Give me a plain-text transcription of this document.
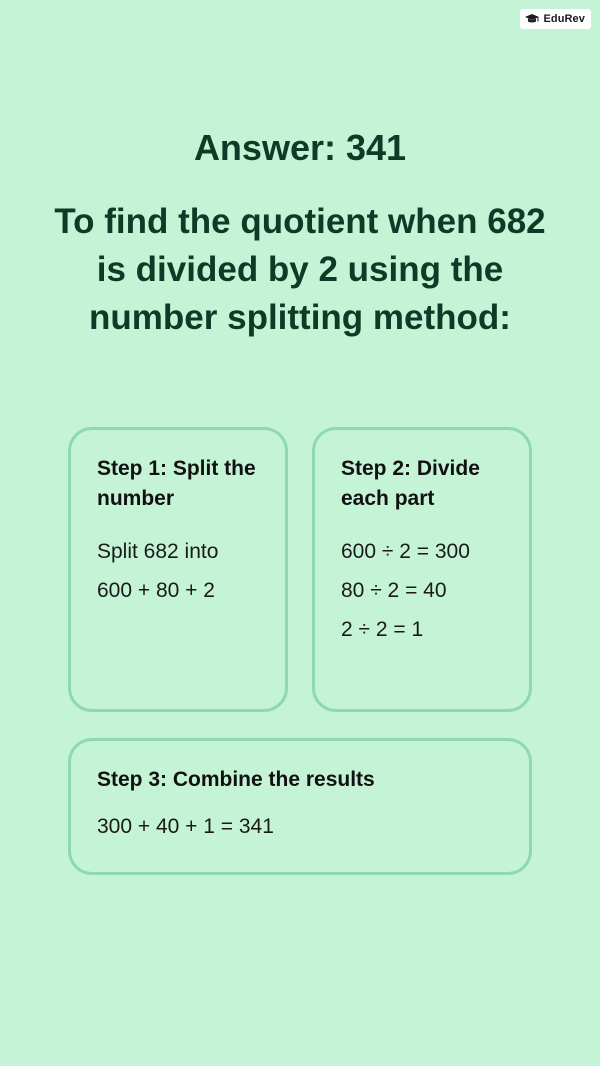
EduRev
Answer: 341
To find the quotient when 682 is divided by 2 using the number splitting method:
Step 1: Split the number

Split 682 into 600 + 80 + 2

Step 2: Divide each part

600 ÷ 2 = 300

80 ÷ 2 = 40

2 ÷ 2 = 1

Step 3: Combine the results

300 + 40 + 1 = 341
